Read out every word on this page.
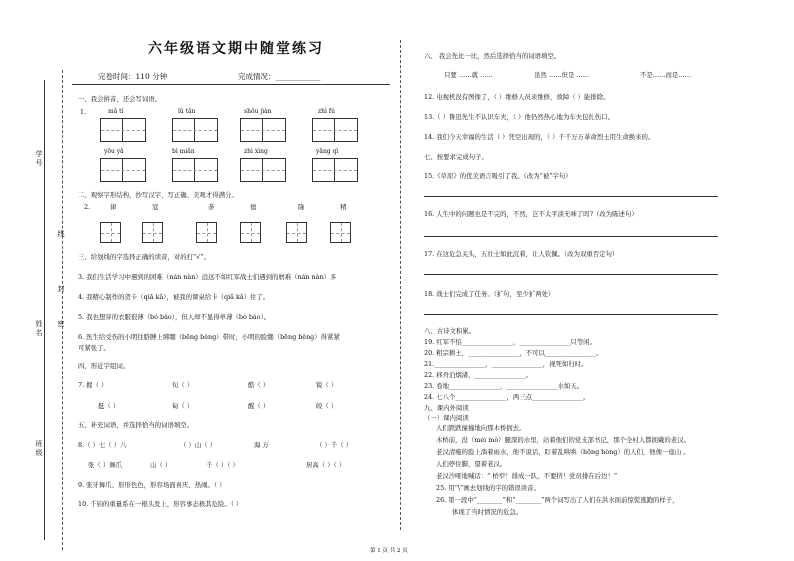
学号
姓名
班级
线
封
密
六年级语文期中随堂练习
完卷时间：110 分钟	完成情况：____________
一、我会拼音，还会写词语。
1.	mǎ tí	lǔ tān	shǒu jiàn	zhì fú
yōu yǎ	bì miǎn	zhì xìng	yǎng qì
二、观察字形结构，抄写汉字，写正确、美观才得满分。
2.	律	寇	荼	德	隆	精
三、给划线的字选择正确的读音，对的打“√”。
3. 我们生活学习中遇到的困难（nán nàn）远远不如红军战士们遇到的磨难（nán nàn）多
4. 我精心制作的贺卡（qiǎ kǎ），被我的课桌给卡（qiǎ kǎ）住了。
5. 我也想穿的衣服很薄（bó báo），但人却不显得单薄（bó báo）。
6. 医生给受伤的小明往胳膊上绑绷（bēng běng）带时，小明的脸绷（bēng běng）得紧紧
可紧张了。
四、形近字组词。
7. 握（ ）	旬（ ）	酷（ ）	锐（ ）
挺（ ）	甸（ ）	醒（ ）	皎（ ）
五、补充词语，并选择恰当的词语填空。
8.（ ）七（ ）八	（ ）山（ ）	海 万	（ ）千（ ）
张（ ）舞爪	山（ ）	千（ ）（ ）	居高（ ）（ ）
9. 张牙舞爪、形形色色，形容场面喜庆、热闹。（ ）
10. 千钧的重量系在一根头发上，形容事态极其危险。（ ）
六、 我会先比一比，然后选择恰当的词语填空。
只要 ……就 ……	虽然 ……但是 ……	不是……而是……
12. 电视机没有图像了，（ ）维修人员来维修，故障（ ）能排除。
13.（ ）鲁迅先生不认识车夫，（ ）他仍然热心地为车夫包扎伤口。
14. 我们今天幸福的生活（ ）凭空出现的，（ ）千千万万革命烈士用生命换来的。
七、按要求完成句子。
15.《草原》的优美语言吸引了我。（改为“被”字句）
16. 人生中的问题也是不完的，不然，岂不太平淡无味了吗?（改为陈述句）
17. 在这危急关头，五壮士如此沉着，让人钦佩。（改为双重否定句）
18. 战士们完成了任务。（扩句，至少扩两处）
八、古诗文积累。
19. 红军不怕________________，________________只等闲。
20. 粗宗耕土，________________，不可以________________。
21.________________，________________，视死如归时。
22. 移舟泊烟渚，________________。
23. 卷地________________，________________水如天。
24. 七八个________________，两三点________________。
九、课内外阅读
（一）课内阅读
人们跌跌撞撞地向那木桥拥去。
木桥前，没（méi mò）腿深的水里，站着他们的党支部书记，那个全村人都拥戴的老汉。
老汉清瘦的脸上淌着雨水，他不说话，盯着乱哄哄（hōng hòng）的人们，他像一座山 。
人们停住脚，望着老汉。
老汉沙哑地喊话：“ 桥窄！排成一队，不要挤！党员排在后边！”
25. 用“\”画去划线的字的错误读音。
26. 第一段中“________”和“________”两个词写出了人们在洪水面前惊慌逃跑的样子，
体现了当时情况的危急。
第 1 页 共 2 页
